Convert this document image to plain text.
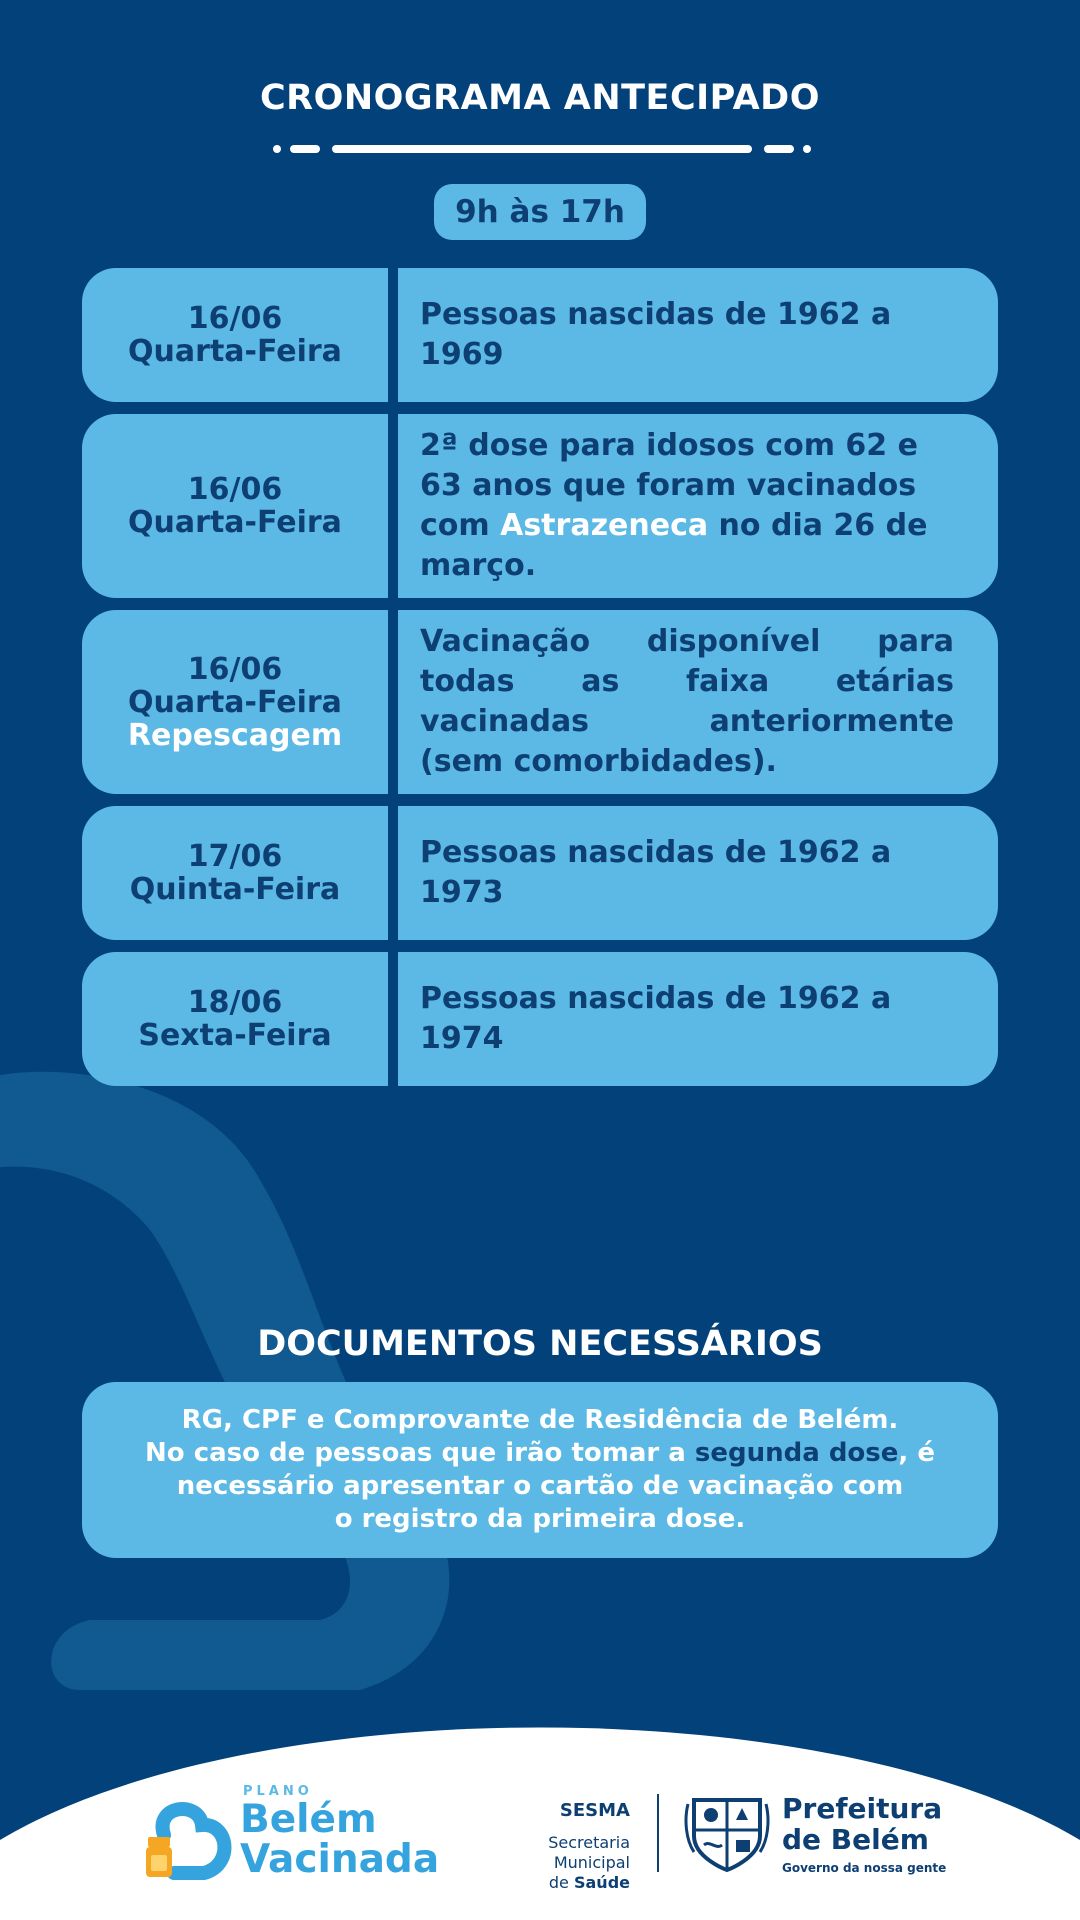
CRONOGRAMA ANTECIPADO
9h às 17h
16/06
Quarta-Feira
Pessoas nascidas de 1962 a 1969
16/06
Quarta-Feira
2ª dose para idosos com 62 e 63 anos que foram vacinados com Astrazeneca no dia 26 de março.
16/06
Quarta-Feira
Repescagem
Vacinação disponível para todas as faixa etárias vacinadas anteriormente
(sem comorbidades).
17/06
Quinta-Feira
Pessoas nascidas de 1962 a 1973
18/06
Sexta-Feira
Pessoas nascidas de 1962 a 1974
DOCUMENTOS NECESSÁRIOS
RG, CPF e Comprovante de Residência de Belém.
No caso de pessoas que irão tomar a segunda dose, é
necessário apresentar o cartão de vacinação com
o registro da primeira dose.
PLANO
Belém
Vacinada
SESMA
Secretaria Municipal
de Saúde
Prefeitura
de Belém
Governo da nossa gente
